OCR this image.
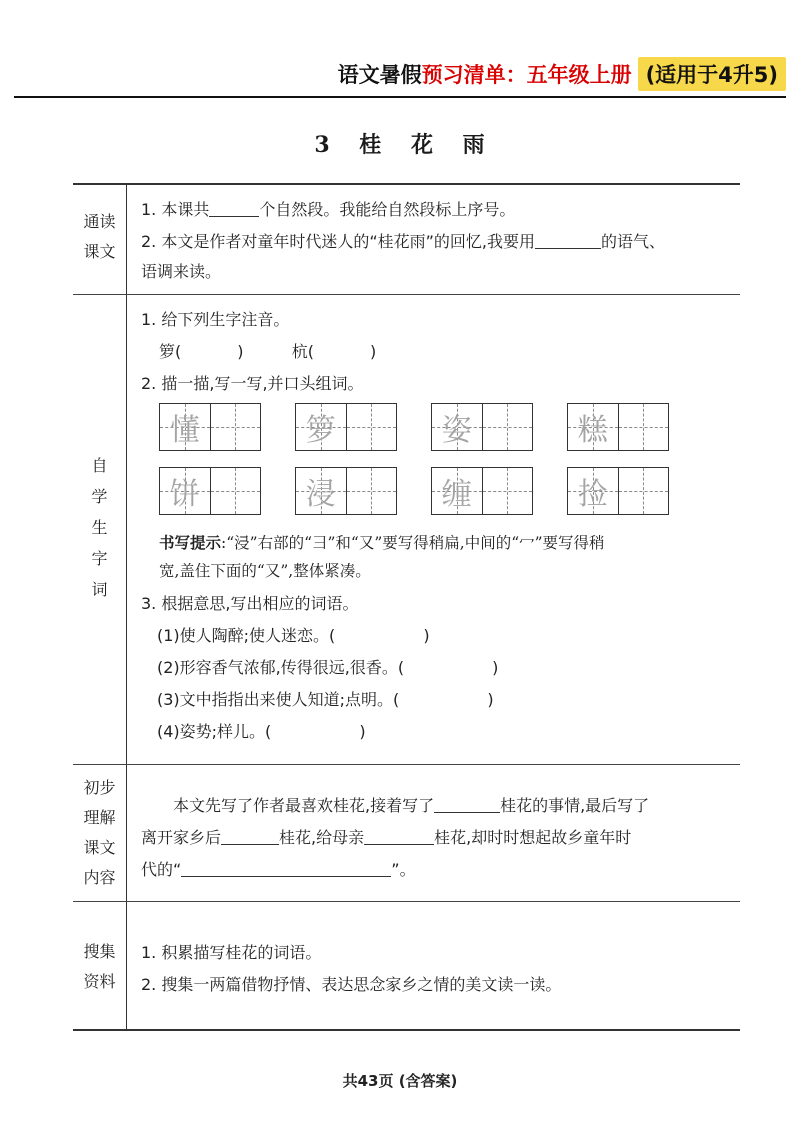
语文暑假 预习清单：五年级上册 (适用于4升5)
3 桂 花 雨
通读
课文
1. 本课共	个自然段。我能给自然段标上序号。
2. 本文是作者对童年时代迷人的“桂花雨”的回忆,我要用	的语气、
语调来读。
自
学
生
字
词
1. 给下列生字注音。
箩(	)	杭(	)
2. 描一描,写一写,并口头组词。
懂	箩	姿	糕
饼	浸	缠	捡
书写提示:“浸”右部的“彐”和“又”要写得稍扁,中间的“冖”要写得稍
宽,盖住下面的“又”,整体紧凑。
3. 根据意思,写出相应的词语。
(1)使人陶醉;使人迷恋。(	)
(2)形容香气浓郁,传得很远,很香。(	)
(3)文中指指出来使人知道;点明。(	)
(4)姿势;样儿。(	)
初步
理解
课文
内容
本文先写了作者最喜欢桂花,接着写了	桂花的事情,最后写了
离开家乡后	桂花,给母亲	桂花,却时时想起故乡童年时
代的“	”。
搜集
资料
1. 积累描写桂花的词语。
2. 搜集一两篇借物抒情、表达思念家乡之情的美文读一读。
共43页 (含答案)
